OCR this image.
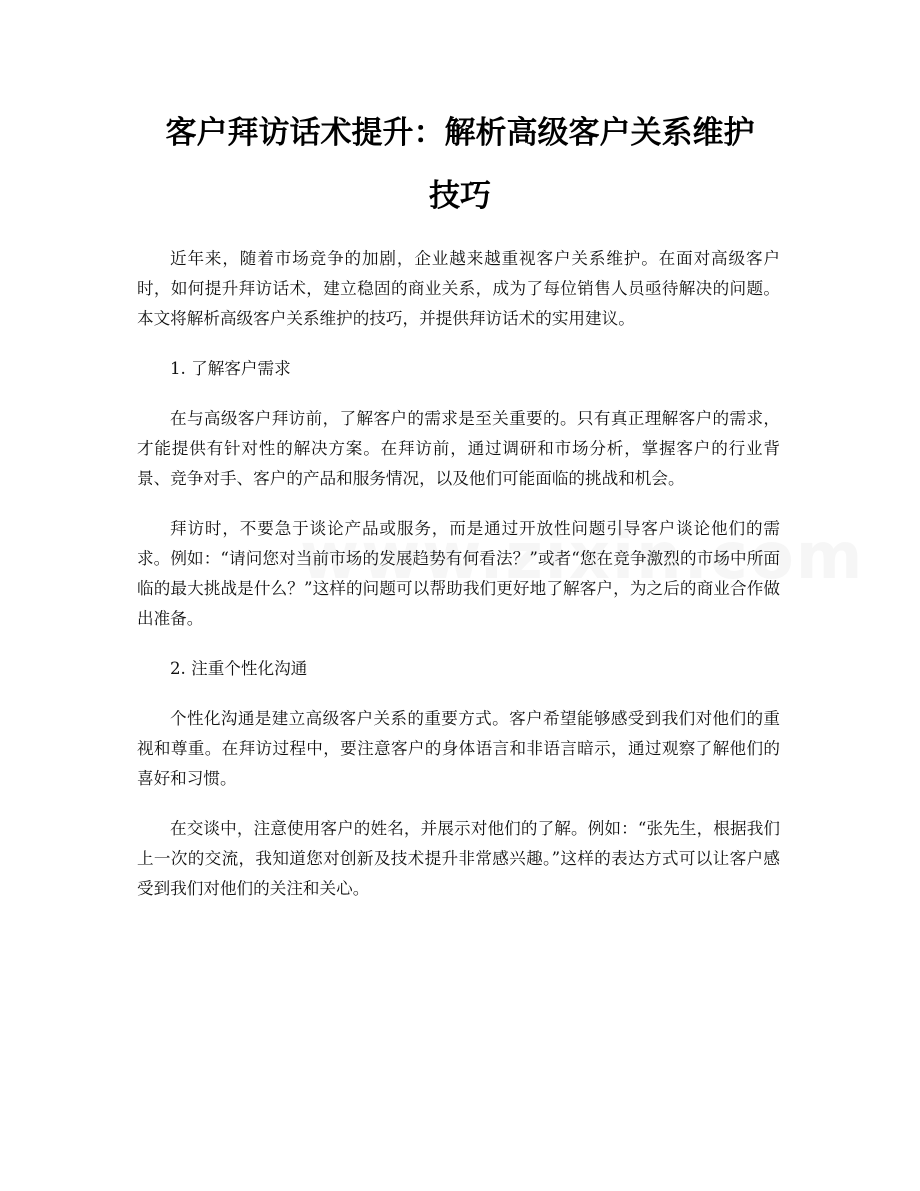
客户拜访话术提升：解析高级客户关系维护
技巧

近年来，随着市场竞争的加剧，企业越来越重视客户关系维护。在面对高级客户时，如何提升拜访话术，建立稳固的商业关系，成为了每位销售人员亟待解决的问题。本文将解析高级客户关系维护的技巧，并提供拜访话术的实用建议。

1. 了解客户需求

在与高级客户拜访前，了解客户的需求是至关重要的。只有真正理解客户的需求，才能提供有针对性的解决方案。在拜访前，通过调研和市场分析，掌握客户的行业背景、竞争对手、客户的产品和服务情况，以及他们可能面临的挑战和机会。

拜访时，不要急于谈论产品或服务，而是通过开放性问题引导客户谈论他们的需求。例如：“请问您对当前市场的发展趋势有何看法？”或者“您在竞争激烈的市场中所面临的最大挑战是什么？”这样的问题可以帮助我们更好地了解客户，为之后的商业合作做出准备。

2. 注重个性化沟通

个性化沟通是建立高级客户关系的重要方式。客户希望能够感受到我们对他们的重视和尊重。在拜访过程中，要注意客户的身体语言和非语言暗示，通过观察了解他们的喜好和习惯。

在交谈中，注意使用客户的姓名，并展示对他们的了解。例如：“张先生，根据我们上一次的交流，我知道您对创新及技术提升非常感兴趣。”这样的表达方式可以让客户感受到我们对他们的关注和关心。
